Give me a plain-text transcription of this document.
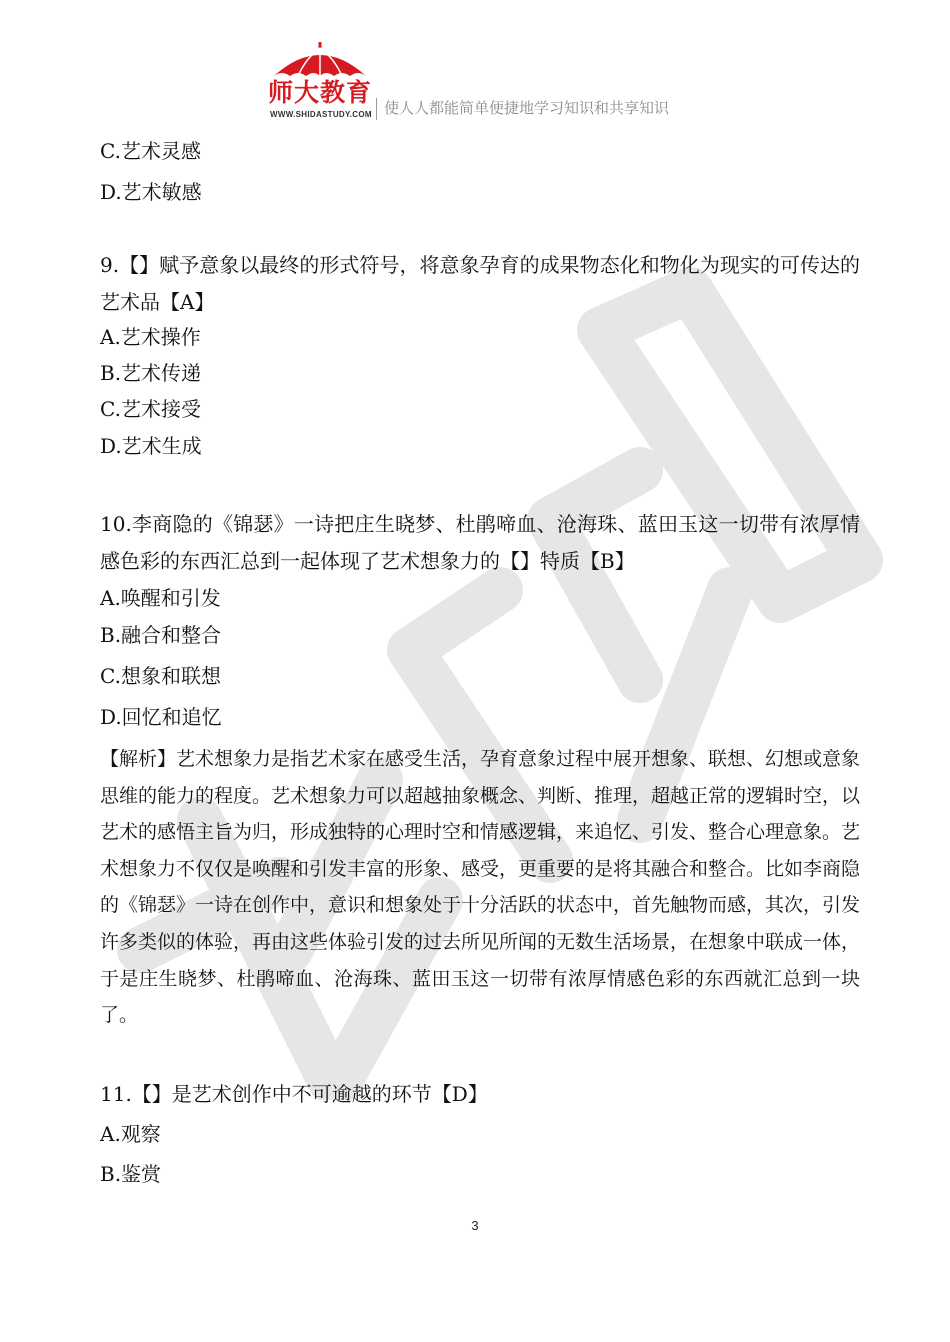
师大教育
WWW.SHIDASTUDY.COM 使人人都能简单便捷地学习知识和共享知识
C.艺术灵感
D.艺术敏感
9.【】赋予意象以最终的形式符号，将意象孕育的成果物态化和物化为现实的可传达的艺术品【A】
A.艺术操作
B.艺术传递
C.艺术接受
D.艺术生成
10.李商隐的《锦瑟》一诗把庄生晓梦、杜鹃啼血、沧海珠、蓝田玉这一切带有浓厚情感色彩的东西汇总到一起体现了艺术想象力的【】特质【B】
A.唤醒和引发
B.融合和整合
C.想象和联想
D.回忆和追忆
【解析】艺术想象力是指艺术家在感受生活，孕育意象过程中展开想象、联想、幻想或意象思维的能力的程度。艺术想象力可以超越抽象概念、判断、推理，超越正常的逻辑时空，以艺术的感悟主旨为归，形成独特的心理时空和情感逻辑，来追忆、引发、整合心理意象。艺术想象力不仅仅是唤醒和引发丰富的形象、感受，更重要的是将其融合和整合。比如李商隐的《锦瑟》一诗在创作中，意识和想象处于十分活跃的状态中，首先触物而感，其次，引发许多类似的体验，再由这些体验引发的过去所见所闻的无数生活场景，在想象中联成一体，于是庄生晓梦、杜鹃啼血、沧海珠、蓝田玉这一切带有浓厚情感色彩的东西就汇总到一块了。
11.【】是艺术创作中不可逾越的环节【D】
A.观察
B.鉴赏
3
